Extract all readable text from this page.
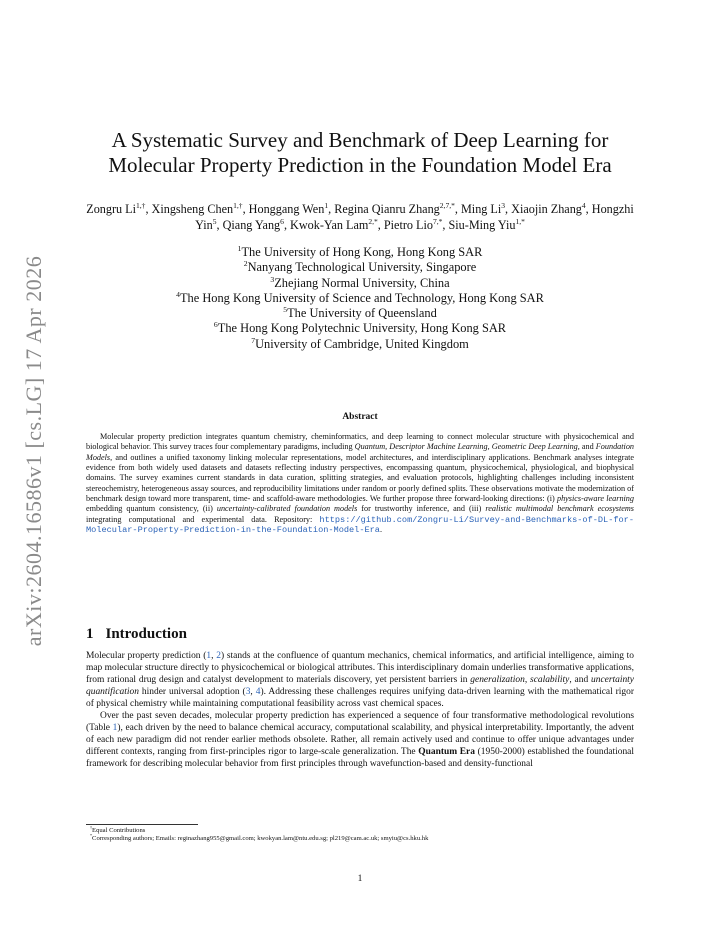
arXiv:2604.16586v1 [cs.LG] 17 Apr 2026
A Systematic Survey and Benchmark of Deep Learning for
Molecular Property Prediction in the Foundation Model Era
Zongru $Li^{1,\dagger}$, Xingsheng Chen$^{1,\dagger}$, Honggang Wen$^1$, Regina Qianru Zhang$^{2,7,*}$, Ming Li$^3$, Xiaojin Zhang$^4$, Hongzhi Yin$^5$, Qiang Yang$^6$, Kwok-Yan Lam$^{2,*}$, Pietro Lio$^{7,*}$, Siu-Ming Yiu$^{1,*}$
$^1$The University of Hong Kong, Hong Kong SAR
$^2$Nanyang Technological University, Singapore
$^3$Zhejiang Normal University, China
$^4$The Hong Kong University of Science and Technology, Hong Kong SAR
$^5$The University of Queensland
$^6$The Hong Kong Polytechnic University, Hong Kong SAR
$^7$University of Cambridge, United Kingdom
Abstract

Molecular property prediction integrates quantum chemistry, cheminformatics, and deep learning to connect molecular structure with physicochemical and biological behavior. This survey traces four complementary paradigms, including Quantum, Descriptor Machine Learning, Geometric Deep Learning, and Foundation Models, and outlines a unified taxonomy linking molecular representations, model architectures, and interdisciplinary applications. Benchmark analyses integrate evidence from both widely used datasets and datasets reflecting industry perspectives, encompassing quantum, physicochemical, physiological, and biophysical domains. The survey examines current standards in data curation, splitting strategies, and evaluation protocols, highlighting challenges including inconsistent stereochemistry, heterogeneous assay sources, and reproducibility limitations under random or poorly defined splits. These observations motivate the modernization of benchmark design toward more transparent, time- and scaffold-aware methodologies. We further propose three forward-looking directions: (i) physics-aware learning embedding quantum consistency, (ii) uncertainty-calibrated foundation models for trustworthy inference, and (iii) realistic multimodal benchmark ecosystems integrating computational and experimental data. Repository: https://github.com/Zongru-Li/Survey-and-Benchmarks-of-DL-for-Molecular-Property-Prediction-in-the-Foundation-Model-Era.

1 Introduction

Molecular property prediction (1, 2) stands at the confluence of quantum mechanics, chemical informatics, and artificial intelligence, aiming to map molecular structure directly to physicochemical or biological attributes. This interdisciplinary domain underlies transformative applications, from rational drug design and catalyst development to materials discovery, yet persistent barriers in generalization, scalability, and uncertainty quantification hinder universal adoption (3, 4). Addressing these challenges requires unifying data-driven learning with the mathematical rigor of physical chemistry while maintaining computational feasibility across vast chemical spaces.

Over the past seven decades, molecular property prediction has experienced a sequence of four transformative methodological revolutions (Table 1), each driven by the need to balance chemical accuracy, computational scalability, and physical interpretability. Importantly, the advent of each new paradigm did not render earlier methods obsolete. Rather, all remain actively used and continue to offer unique advantages under different contexts, ranging from first-principles rigor to large-scale generalization. The Quantum Era (1950-2000) established the foundational framework for describing molecular behavior from first principles through wavefunction-based and density-functional

†Equal Contributions

*Corresponding authors; Emails: reginazhang955@gmail.com; kwokyan.lam@ntu.edu.sg; pl219@cam.ac.uk; smyiu@cs.hku.hk

1
